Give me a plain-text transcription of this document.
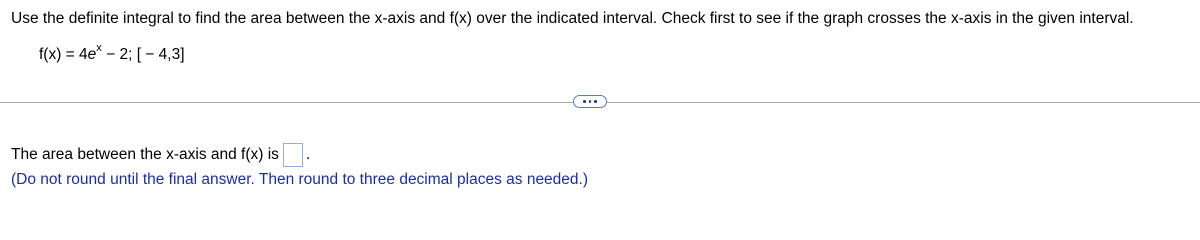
Use the definite integral to find the area between the x-axis and f(x) over the indicated interval. Check first to see if the graph crosses the x-axis in the given interval.
$f(x) = 4e^x - 2$; [ − 4,3]
The area between the x-axis and f(x) is .
(Do not round until the final answer. Then round to three decimal places as needed.)
